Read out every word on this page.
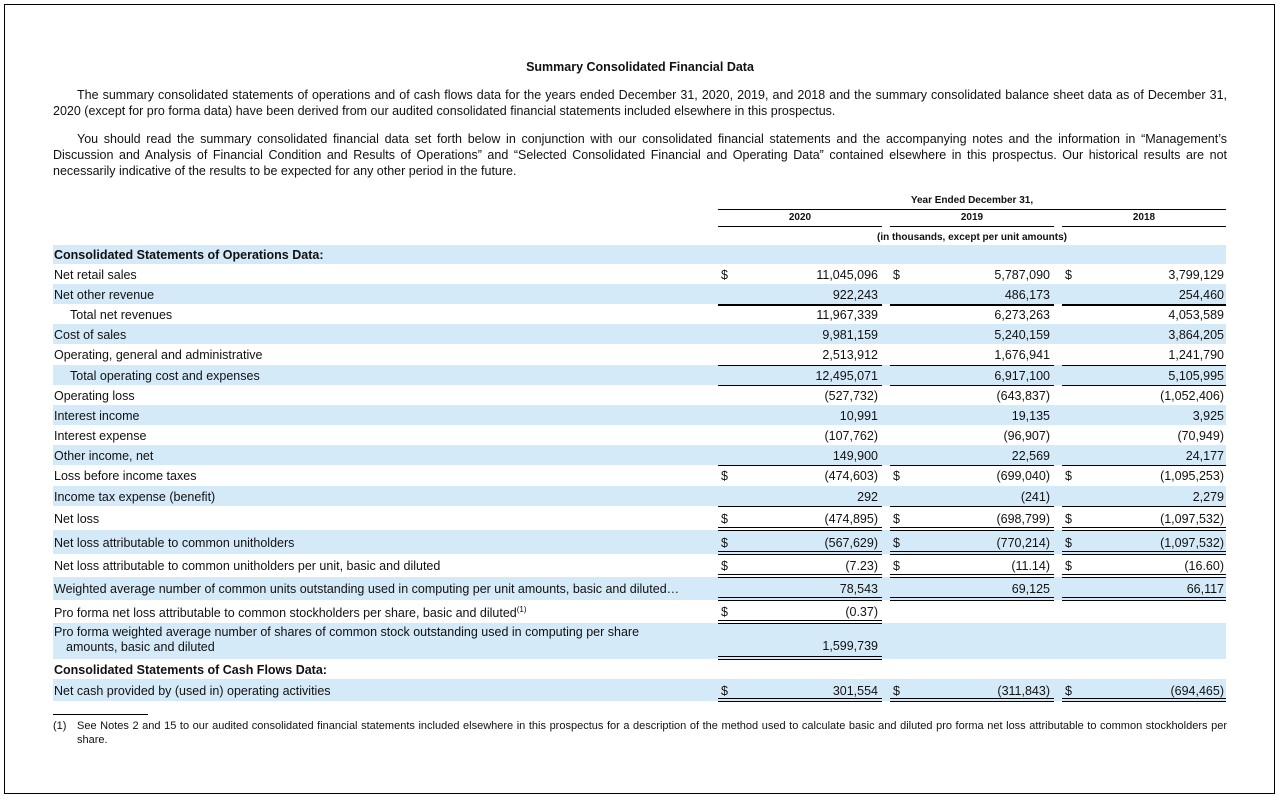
Summary Consolidated Financial Data

The summary consolidated statements of operations and of cash flows data for the years ended December 31, 2020, 2019, and 2018 and the summary consolidated balance sheet data as of December 31, 2020 (except for pro forma data) have been derived from our audited consolidated financial statements included elsewhere in this prospectus.

You should read the summary consolidated financial data set forth below in conjunction with our consolidated financial statements and the accompanying notes and the information in “Management’s Discussion and Analysis of Financial Condition and Results of Operations” and “Selected Consolidated Financial and Operating Data” contained elsewhere in this prospectus. Our historical results are not necessarily indicative of the results to be expected for any other period in the future.

Year Ended December 31,
2020	2019	2018
(in thousands, except per unit amounts)
Consolidated Statements of Operations Data:
Net retail sales	$	11,045,096 $	5,787,090 $	3,799,129
Net other revenue	922,243	486,173	254,460
Total net revenues	11,967,339	6,273,263	4,053,589
Cost of sales	9,981,159	5,240,159	3,864,205
Operating, general and administrative	2,513,912	1,676,941	1,241,790
Total operating cost and expenses	12,495,071	6,917,100	5,105,995
Operating loss	(527,732)	(643,837)	(1,052,406)
Interest income	10,991	19,135	3,925
Interest expense	(107,762)	(96,907)	(70,949)
Other income, net	149,900	22,569	24,177
Loss before income taxes	$	(474,603) $	(699,040) $	(1,095,253)
Income tax expense (benefit)	292	(241)	2,279
Net loss	$	(474,895) $	(698,799) $	(1,097,532)
Net loss attributable to common unitholders	$	(567,629) $	(770,214) $	(1,097,532)
Net loss attributable to common unitholders per unit, basic and diluted	$	(7.23) $	(11.14) $	(16.60)
Weighted average number of common units outstanding used in computing per unit amounts, basic and diluted…	78,543	69,125	66,117
Pro forma net loss attributable to common stockholders per share, basic and diluted$^{(1)}$	$	(0.37)
Pro forma weighted average number of shares of common stock outstanding used in computing per share
amounts, basic and diluted	1,599,739
Consolidated Statements of Cash Flows Data:
Net cash provided by (used in) operating activities	$	301,554 $	(311,843) $	(694,465)
(1) See Notes 2 and 15 to our audited consolidated financial statements included elsewhere in this prospectus for a description of the method used to calculate basic and diluted pro forma net loss attributable to common stockholders per share.
